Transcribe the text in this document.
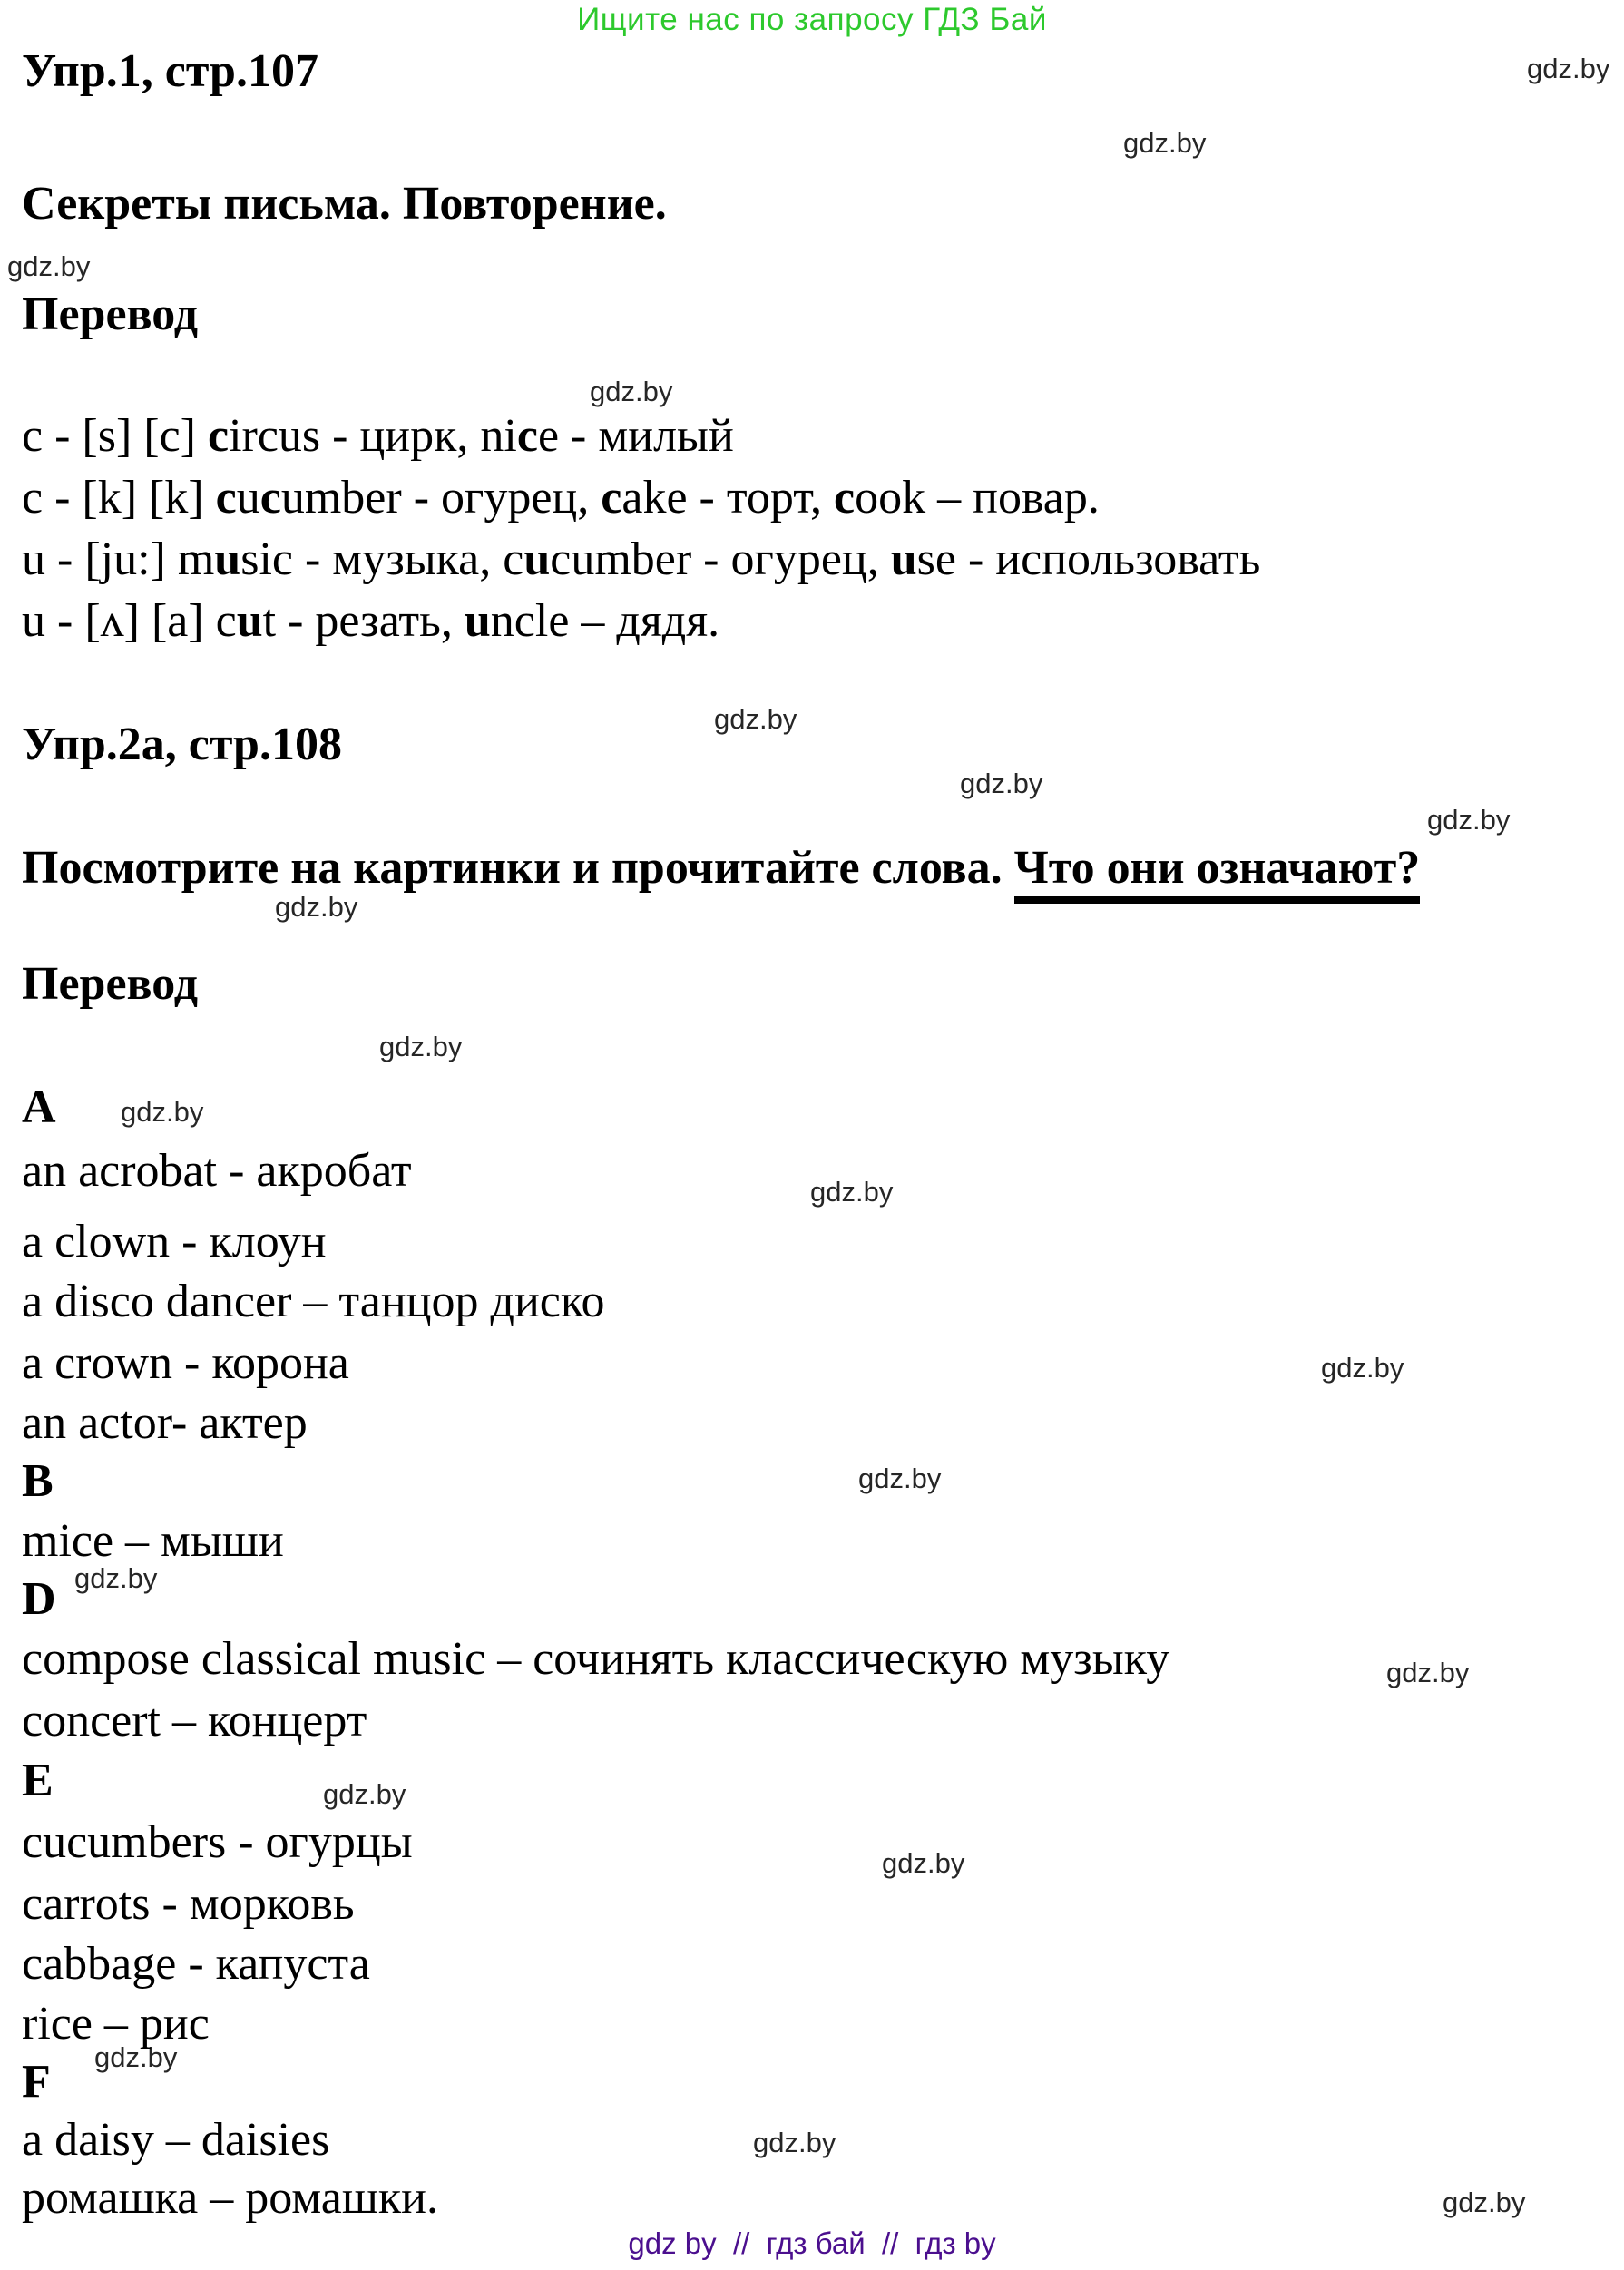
Ищите нас по запросу ГДЗ Бай
gdz.by
gdz.by
gdz.by
gdz.by
gdz.by
gdz.by
gdz.by
gdz.by
gdz.by
gdz.by
gdz.by
gdz.by
gdz.by
gdz.by
gdz.by
gdz.by
gdz.by
gdz.by
gdz.by
gdz.by
Упр.1, стр.107
Секреты письма. Повторение.
Перевод
c - [s] [c] circus - цирк, nice - милый
c - [k] [k] cucumber - огурец, cake - торт, cook – повар.
u - [ju:] music - музыка, cucumber - огурец, use - использовать
u - [ʌ] [a] cut - резать, uncle – дядя.
Упр.2а, стр.108
Посмотрите на картинки и прочитайте слова. Что они означают?
Перевод
A
an acrobat - акробат
a clown - клоун
a disco dancer – танцор диско
a crown - корона
an actor- актер
B
mice – мыши
D
compose classical music – сочинять классическую музыку
concert – концерт
E
cucumbers - огурцы
carrots - морковь
cabbage - капуста
rice – рис
F
a daisy – daisies
ромашка – ромашки.
gdz by  //  гдз бай  //  гдз by
